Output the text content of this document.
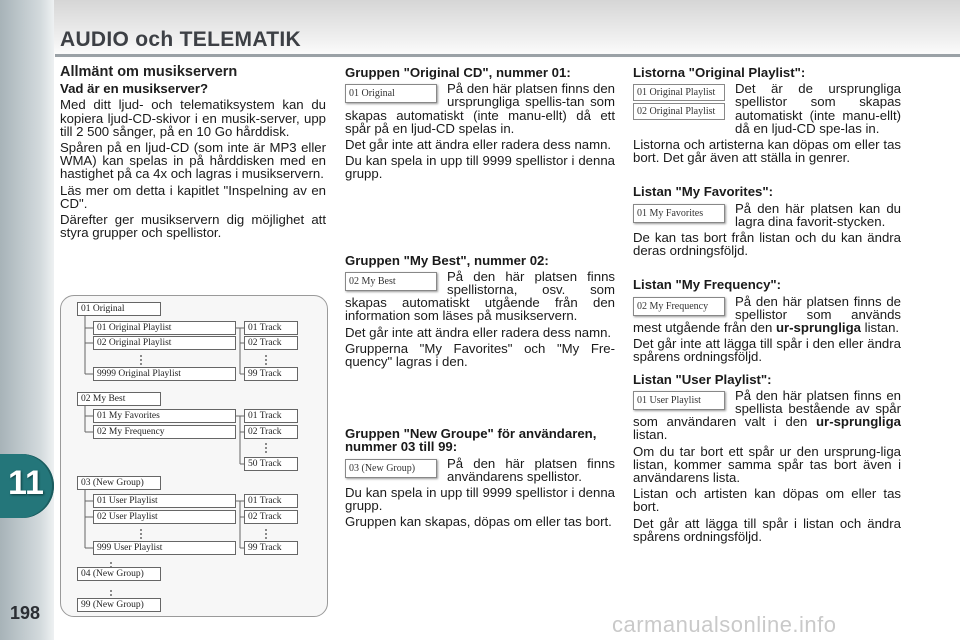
AUDIO och TELEMATIK
11
198
Allmänt om musikservern
Vad är en musikserver?

Med ditt ljud- och telematiksystem kan du kopiera ljud-CD-skivor i en musik-server, upp till 2 500 sånger, på en 10 Go hårddisk.

Spåren på en ljud-CD (som inte är MP3 eller WMA) kan spelas in på hårddisken med en hastighet på ca 4x och lagras i musikservern.

Läs mer om detta i kapitlet "Inspelning av en CD".

Därefter ger musikservern dig möjlighet att styra grupper och spellistor.

01 Original
01 Original Playlist
02 Original Playlist
9999 Original Playlist
01 Track
02 Track
99 Track
02 My Best
01 My Favorites
02 My Frequency
01 Track
02 Track
50 Track
03 (New Group)
01 User Playlist
02 User Playlist
999 User Playlist
01 Track
02 Track
99 Track
04 (New Group)
99 (New Group)
Gruppen "Original CD", nummer 01:
01 Original	På den här platsen finns den ursprungliga spellis-tan som skapas automatiskt (inte manu-ellt) då ett spår på en ljud-CD spelas in.

Det går inte att ändra eller radera dess namn.

Du kan spela in upp till 9999 spellistor i denna grupp.

Gruppen "My Best", nummer 02:
02 My Best	På den här platsen finns spellistorna, osv. som skapas automatiskt utgående från den information som läses på musikservern.

Det går inte att ändra eller radera dess namn.

Grupperna "My Favorites" och "My Fre-quency" lagras i den.

Gruppen "New Groupe" för användaren, nummer 03 till 99:
03 (New Group)	På den här platsen finns användarens spellistor.

Du kan spela in upp till 9999 spellistor i denna grupp.

Gruppen kan skapas, döpas om eller tas bort.

Listorna "Original Playlist":
01 Original Playlist
02 Original Playlist

Det är de ursprungliga spellistor som skapas automatiskt (inte manu-ellt) då en ljud-CD spe-las in.

Listorna och artisterna kan döpas om eller tas bort. Det går även att ställa in genrer.

Listan "My Favorites":
01 My Favorites	På den här platsen kan du lagra dina favorit-stycken.

De kan tas bort från listan och du kan ändra deras ordningsföljd.

Listan "My Frequency":
02 My Frequency	På den här platsen finns de spellistor som används mest utgående från den ur-sprungliga listan.

Det går inte att lägga till spår i den eller ändra spårens ordningsföljd.

Listan "User Playlist":
01 User Playlist	På den här platsen finns en spellista bestående av spår som användaren valt i den ur-sprungliga listan.

Om du tar bort ett spår ur den ursprung-liga listan, kommer samma spår tas bort även i användarens lista.

Listan och artisten kan döpas om eller tas bort.

Det går att lägga till spår i listan och ändra spårens ordningsföljd.

carmanualsonline.info
